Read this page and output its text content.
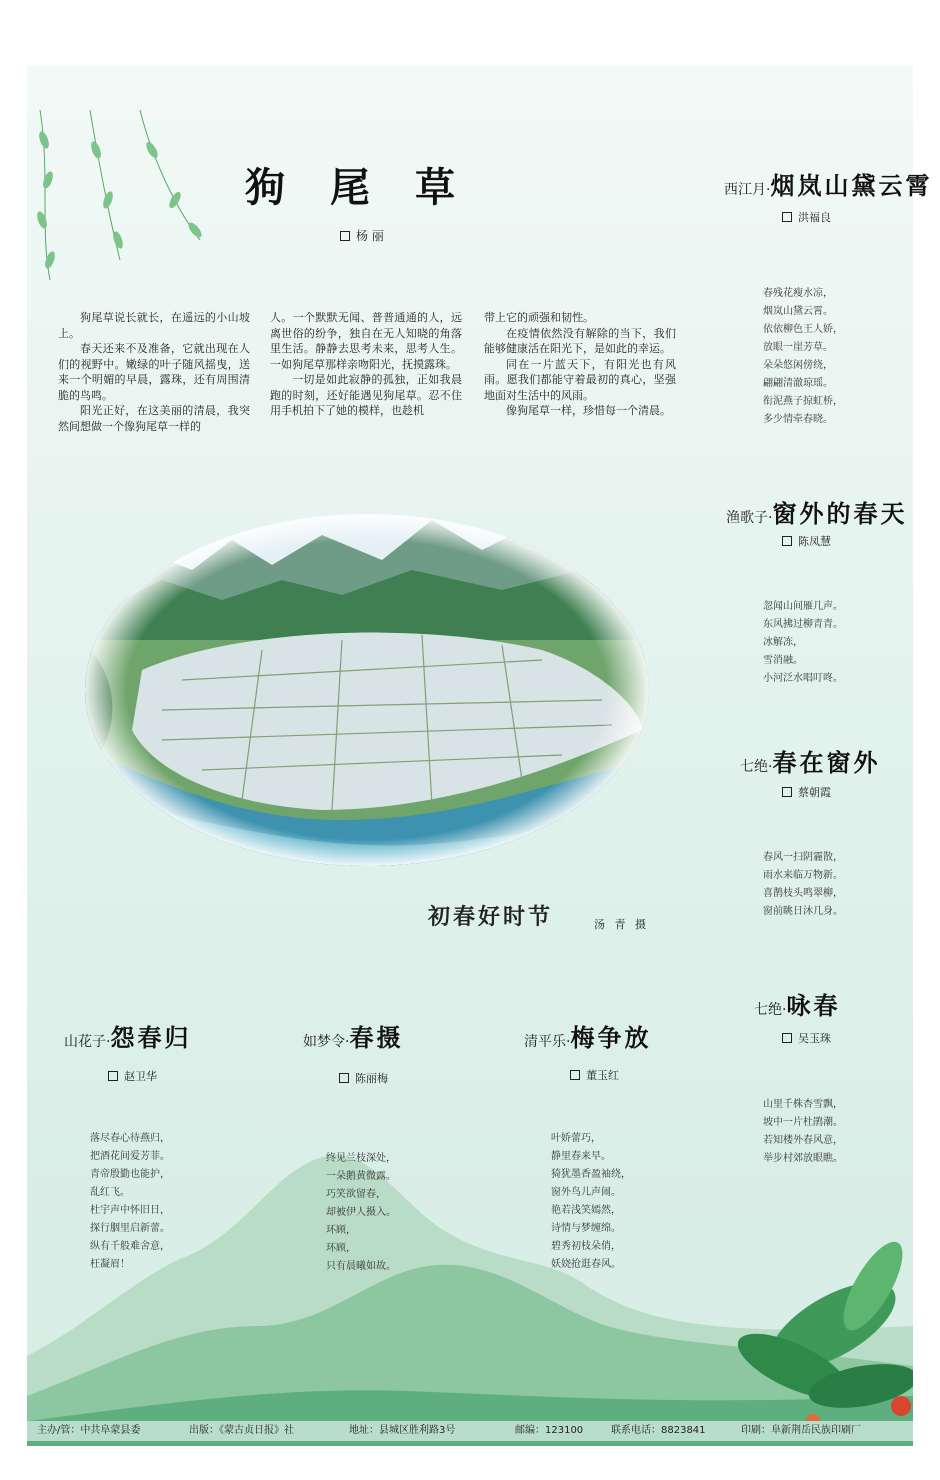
狗尾草
杨 丽

狗尾草说长就长，在遥远的小山坡上。

春天还来不及准备，它就出现在人们的视野中。嫩绿的叶子随风摇曳，送来一个明媚的早晨，露珠，还有周围清脆的鸟鸣。

阳光正好，在这美丽的清晨，我突然间想做一个像狗尾草一样的

人。一个默默无闻、普普通通的人，远离世俗的纷争，独自在无人知晓的角落里生活。静静去思考未来，思考人生。一如狗尾草那样亲吻阳光，抚摸露珠。

一切是如此寂静的孤独，正如我晨跑的时刻，还好能遇见狗尾草。忍不住用手机拍下了她的模样，也趁机

带上它的顽强和韧性。

在疫情依然没有解除的当下，我们能够健康活在阳光下，是如此的幸运。

同在一片蓝天下，有阳光也有风雨。愿我们都能守着最初的真心，坚强地面对生活中的风雨。

像狗尾草一样，珍惜每一个清晨。

初春好时节	汤 青 摄
西江月·烟岚山黛云霄
洪福良
春残花瘦水凉，
烟岚山黛云霄。
依依柳色王人娇，
放眼一崖芳草。
朵朵悠闲傍绕，
翩翩清澈琼瑶。
衔泥燕子掠虹桥，
多少情牵春晓。
渔歌子·窗外的春天
陈凤慧
忽闻山间雁几声。
东风拂过柳青青。
冰解冻，
雪消融。
小河泛水唱叮咚。
七绝·春在窗外
蔡朝霞
春风一扫阴霾散，
雨水来临万物新。
喜鹊枝头鸣翠柳，
窗前眺日沐几身。
七绝·咏春
吴玉珠
山里千株杏雪飘，
坡中一片杜鹃潮。
若知楼外春风意，
举步村郊放眼瞧。
山花子·怨春归
赵卫华
落尽春心待燕归，
把酒花间爱芳菲。
青帝殷勤也能护，
乱红飞。
杜宇声中怀旧日，
探行胭里启新蕾。
纵有千般难舍意，
枉凝眉！
如梦令·春摄
陈丽梅
终见兰枝深处，
一朵鹅黄微露。
巧笑欲留春，
却被伊人摄入。
环顾，
环顾，
只有晨曦如故。
清平乐·梅争放
董玉红
叶娇蕾巧，
静里春来早。
猗犹墨香盈袖绕，
窗外鸟儿声闹。
艳若浅笑嫣然，
诗情与梦缠绵。
碧秀初枝朵俏，
妖娆抢逛春风。
主办/管：中共阜蒙县委	出版：《蒙古贞日报》社	地址：县城区胜利路3号	邮编：123100	联系电话：8823841	印刷：阜新荆岳民族印刷厂
